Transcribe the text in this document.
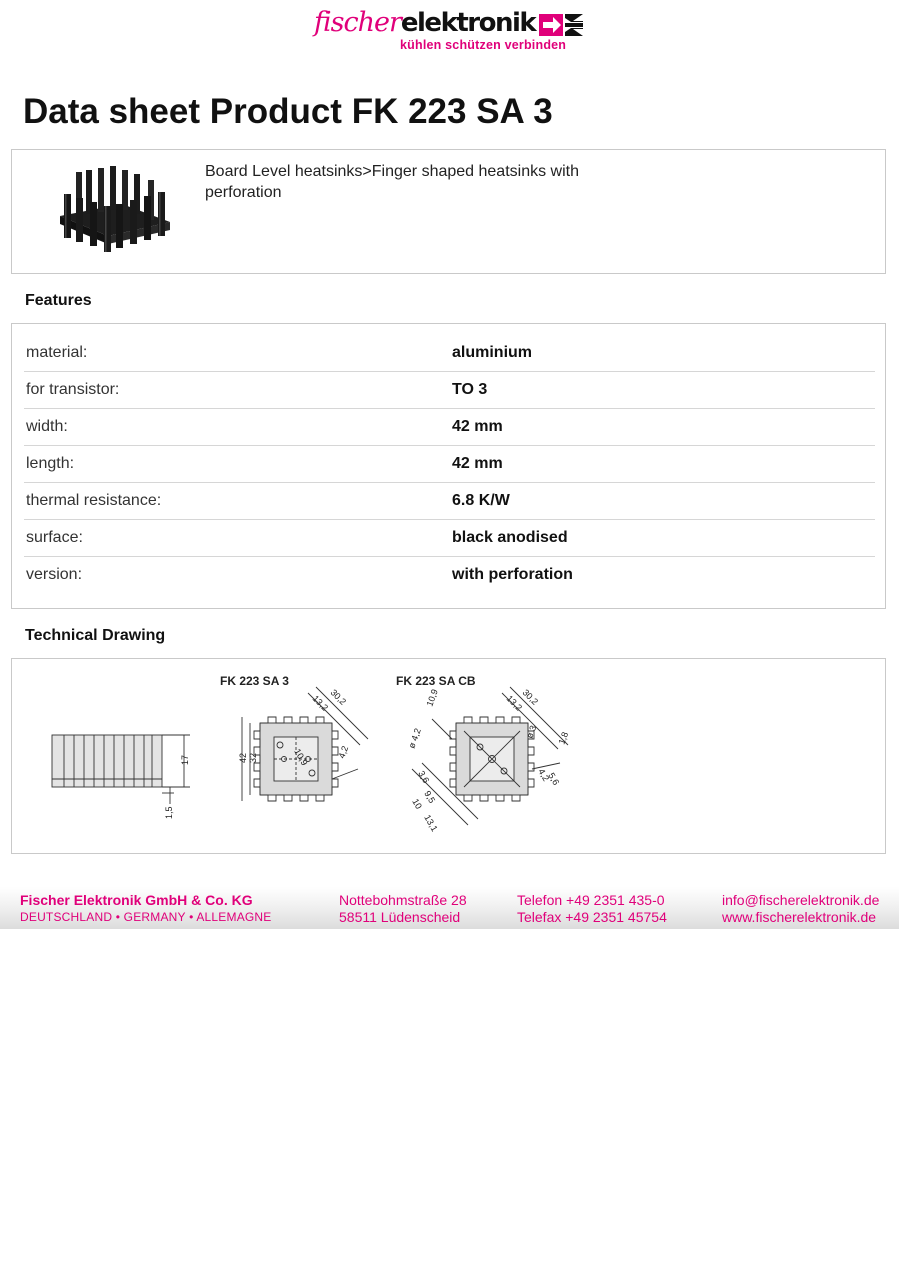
fischerelektronik
kühlen schützen verbinden
Data sheet Product FK 223 SA 3
Board Level heatsinks>Finger shaped heatsinks with perforation
Features
material:	aluminium
for transistor:	TO 3
width:	42 mm
length:	42 mm
thermal resistance:	6.8 K/W
surface:	black anodised
version:	with perforation
Technical Drawing
FK 223 SA 3	FK 223 SA CB
17
1,5
42 32
13,2
30,2
10,9	4,2
10,9	13,2
30,2
ø 4,2	ø 3 1,8
4,2
5,6
3,6
9,5
10
13,1
Fischer Elektronik GmbH & Co. KG
DEUTSCHLAND • GERMANY • ALLEMAGNE
Nottebohmstraße 28
58511 Lüdenscheid
Telefon +49 2351 435-0
Telefax +49 2351 45754
info@fischerelektronik.de
www.fischerelektronik.de
